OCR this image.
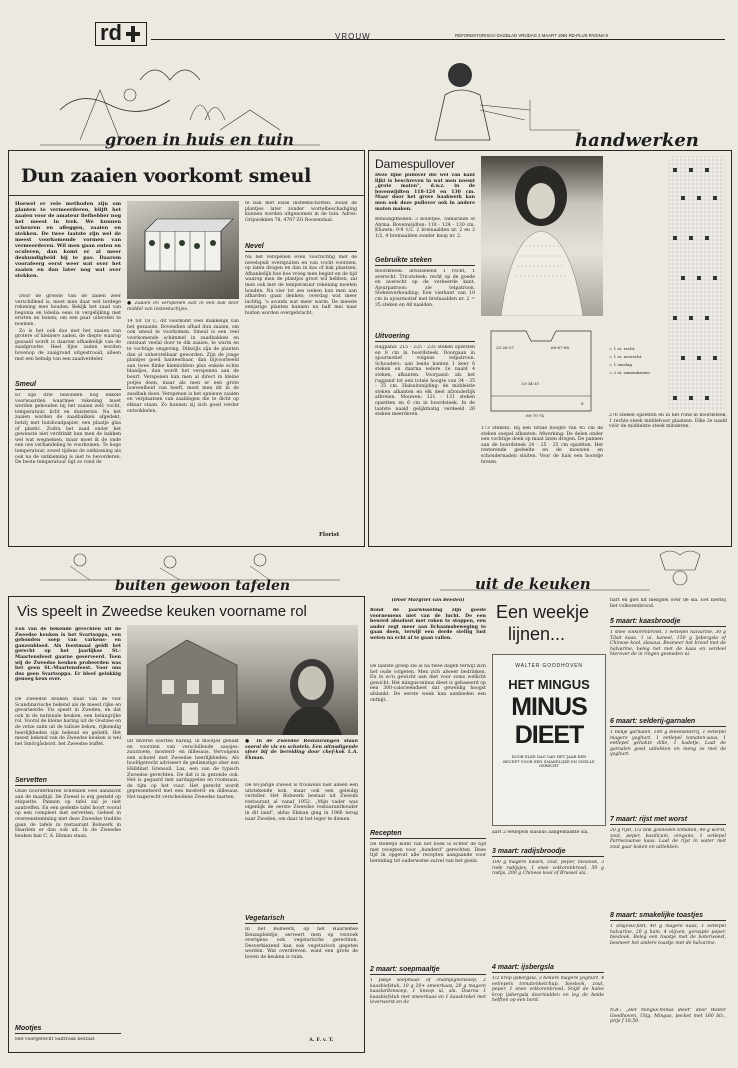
rd	VROUW	REFORMATORISCH DAGBLAD VRIJDAG 2 MAART 1984 RD-PLUS PAGINA 9
groen in huis en tuin	handwerken
Dun zaaien voorkomt smeul
Hoewel er vele methoden zijn om planten te vermeerderen, blijft het zaaien voor de amateur liefhebber nog het meest in trek. We kunnen scheuren en afleggen, zaaien en stekken. De twee laatste zijn wel de meest voorkomende vormen van vermeerderen. Wil men gaan enten en oculeren, dan komt er al meer deskundigheid bij te pas. Daarom voorafeerg eerst weer wat over het zaaien en dan later nog wat over stekken.

Door de groeite van de zaden zeer verschillend is, moet men daar wel terdege rekening mee houden. Bekijk het zaad van begonia en lobelia eens in vergelijking met erwten en bonen; om een paar uitersten te noemen.

Zo is het ook dus met het zaaien van grotere of kleinere zaden, de diepte waarop gezaaid wordt is daarom afhankelijk van de zaadgrootte. Heel fijne zaden worden bovenop de zaaigrond uitgestrooid, alleen met een behulp van een zaadverdeler.

Smeul
Er zijn drie bezonden nog enkele voorwaarden waarmee rekening moet worden gehouden bij het zaaien zelf: vocht, temperatuur, licht en duisternis. Na het zaaien worden de zaadbakken afgedekt, hetzij met huishoudpapier, een plaatje glas of plastic. Zodra het zaad onder het gewenste niet verdrinkt kan men de bakken wel wat wegnemen, maar moet ik de onde een ons verhandeling te voorkomen. Te hoge temperatuur, zowel tijdens de ontkieming als ook na de ontkieming is niet te bevorderen. De beste temperatuur ligt zo rond de
● Zaaien en verspenen kan in een bak door middel van insteekschijes.
14 tot 18 C; dit voorkomt veel makkelijk van het gezaaide. Bovendien afhad dun zaaien, om ook smeul te voorkomen. Smeul is een veel voorkomende schimmel in zaadbakken en ontstaat veelal door te dik zaaien, te warm en te vochtige omgeving. Dikwijls zijn de planten dan al onherstelbaar geworden. Zijn de jonge plantjes goed hanteerbaar, dan bijvoorbeeld aan twee flinke kiemlobben plus enkele echte blaadjes, dan wordt het verspenen aan de beurt. Verspenen kan men al direct in kleine potjes doen, maar als men er een grote hoeveelheid van heeft, moet men dit in de zaadbak doen. Verspenen is het opnieuw zaaien en verplaatsen van zaailingen die te dicht op elkaar staan. Zo kunnen zij zich goed verder ontwikkelen.
te bak met losse insteekschotten, zodat de plantjes later zonder wortelbeschadiging kunnen worden uitgenomen in de tuin. Adres: Gripwekken 78, 4707 ZG Roosendaal.
Nevel
Na het verspenen even voorzichtig met de nevelspuit overspuiten en van vocht voorzien, op laten drogen en dan in kas of bak plaatsen. Afhankelijk hoe hoe vroeg men begint en de tijd waarop men de plantjes groot wil hebben, zal men ook met de temperatuur rekening moeten houden. Na vier tot zes weken kan men aan afharden gaan denken; overdag wat meer luchtig, 's avonds wat meer warm. De meeste eenjarige planten kunnen na half mei naar buiten worden overgebracht.
Florist
Damespullover
Deze lijne pullover die wel van kant lijkt is beschreven in wat men noemt „grote maten", d.w.z. in de bovenwijdten 118-124 en 130 cm. Maar door het grove haakwerk kan men ook deze pullover ook in andere maten maken.
Benodigdheden: 3 bolletjes, Tamarinde of Alyma. Bovenwijdten: 118 - 124 - 130 cm. Khawm: 9-9 1/2. 2 breinaalden nr. 2 en 2 1/2, 4 breinaalden zonder knop nr. 2.
Gebruikte steken
Boordsteek: afwisselend 1 recht, 1 averecht. Tricotsteek: recht op de goede en averecht op de verkeerde kant. Ajourpatroon: zie telpatroon. Stekenverhouding: Een vierkant van 10 cm in ajourmotief met breinaalden nr. 2 = 35 steken en 48 naalden.
Uitvoering
Rugpand: 215 - 225 - 235 steken opzetten en 8 cm in boordsteek. Doorgaan in ajourmotief volgens telpatroon. Schouders: aan beide kanten 1 keer 6 steken en daarna iedere 2e naald 4 steken, afkanten. Voorpand: als het rugpand tot een totale hoogte van 34 - 35 - 35 cm. Halsuitsnijding: de middelste steken afkanten en elk deel afzonderlijk afbreien. Mouwen: 121 - 131 steken opzetten en 6 cm in boordsteek. In de laatste naald gelijkmatig verdeeld 26 steken meerderen.
25-26-27	66-67-68
8
33-34-35
66-70-74
173 steken). Bij een totale hoogte van 45 cm de steken soepel afkanten. Afwerking: De delen onder een vochtige doek op maat laten drogen. De pannen aan de boordsteek 24 - 25 - 25 cm opzetten. Het resterende gedeelte en de mouwen en schoudernaden sluiten. Voor de hals een boordje breien.
= 1 st. recht
= 1 st. averecht
= 1 omslag
= 2 st. samenbreien
276 steken opzetten en in het rond in boordsteek, 1 rechte steek middelvoor plaatsen. Elke 2e naald vóór de middelste steek minderen.
buiten gewoon tafelen	uit de keuken
Vis speelt in Zweedse keuken voorname rol
Een van de bekende gerechten uit de Zweedse keuken is het Svartsoppa, een gebonden soep van varkens- en ganzenbloed. Als feestmaal geldt het gerecht op het jaarlijkse St.-Maartensfeest gaarne geserveerd. Toen wij de Zweedse keuken probeerden was het geen St.-Maartensfeest. Voor ons dus geen Svartsoppa. Er bleef gelukkig genoeg keus over.
De Zweedse keuken staat van de vier Scandinavische bekend als de meest rijke en gevarieerde. Vis speelt in Zweden, en dat ook in de nationale keuken, een belangrijke rol. Vooral de kleine haring uit de Oostzee en de vetze zalm uit de talloze beken, rijkomdig heerlijkheden zijn bekend en geliefd. Het meest bekend van de Zweedse keuken is wel het Smörgåsbord, het Zweedse buffet.
Servetten
Onze noorderburen schenken veel aandacht aan de maaltijd. De Zweed is erg gesteld op etiquette. Pannen op tafel zal je niet aantreffen. En een gedekte tafel hoort vooral op een compleet met servetten. Geheel in overeenstemming met deze Zweedse traditie gaan de tafels in restaurant Bobwerk in Haarlem er dan ook uit. In de Zweedse keuken kan C. A. Ekman staan.
Mootjes
Het voorgerecht Salttråsk bestaat
uit diverse soorten haring, in mootjes gebakt en voorzien van verschillende sausjes: zuurzoete, mosterd- en dillesaus. Vervolgens een schotel met Zweedse heerlijkheden. Als hoofdgerecht adviseert de gedienstige ober een Hälldinst Grensoll. Lax, een van de typisch Zweedse gerechten. De dat is in gezonde ook. Het is gegaard met aardappelen en roomsaus, de tijm op het vuur. Het gerecht wordt gepresenteerd met een mosterd- en dillesaus. Het nagerecht verscheidene Zweedse taarten.
● In de Zweedse Restaurangen staan vooral de vis en schotels. Een uitnodigende sfeer bij de bereiding door chef-kok L.A. Ekman.
De 60-jarige Zweed is trouwens niet alleen een uitstekende kok, maar ook een geleidig verteller. Het Bobwerk bestaat uit Zweeds restaurant al vanaf 1952. „Mijn vader was eigenlijk de eerste Zweedse restauranthouder in dit land", aldus Ekman ging in 1966 terug naar Zweden, om daar in het leger te dienen.
Vegetarisch
In het Bobwerk, op het Haarlemse Kenaupleintje, serveert men op verzoek overigens ook vegetarische gerechten. Desverkiezend kan ook vegetarisch gegeten worden. Wat overdreven, want een grote de boven de keuken is ruim.
A. F. v. T.
(Door Margriet van Beeden)
Rond de jaarwisseling zijn goede voornemens niet van de lucht. De een bewerd absoluut met roken te stoppen, een ander zegt meer aan lichaamsbeweging te gaan doen, terwijl een derde stellig lust weten na echt af te gaan vallen.
De laatste groep zie al na twee dagen terwijl zich het oude volgeten. Men zich alweer bedrinken. En in zo'n gewicht aan diet voor soms wellicht gewicht. Het mingus-minus dieet is gebaseerd op een 300-calorieëndieet dat geweldig hoogst afslankt. De eerste week kan aanbieden een ontbijt.
Recepten
De stelletje komt van het boek is echter de tijd met recepten voor „honderd" gerechten. Deze tijd ik opgevat alle recepten aangaande voor bereiding tot ouderwetse zuivel van het gezin.
2 maart: soepmaaltje
1 pakje soepmaal- of champignonsoep, 2 kaasbiefstuk, 10 g 20+ smeerkaas, 20 g magere kaaslardensoep, 1 knoop ui, sla. Daarna 1 kaasbiefstuk met smeerkaas en 1 kaaskrokel met leverworst en de
Een weekje
lijnen...
WALTER GOODHOVEN
HET MINGUS
MINUS
DIEET
DOOR ELKE DAG VAN HET JAAR EEN RECEPT VOOR EEN SMAKELIJKE EN SNELLE GERECHT
aart 2 eetlepels slasaus aangemaakte sla.
3 maart: radijsbroodje
100 g magere kwark, zout, peper, bieslook, 3 rode radijsjes, 1 snee volkorenbrood, 50 g radijs, 200 g Chinese kool of Brussel sla.
4 maart: ijsbergsla
1/2 krop ijsbergsla, 3 bekers magere yoghurt, 4 eetlepels tomatenketchup, bieslook, zout, peper, 1 snee volkorenbrood. Snijd de halve krop ijsbergsla doormidden en leg de beide helften op een bord.
hart en giet dit mengsel over de sla. Eet hierbij het volkorenbrood.
5 maart: kaasbroodje
1 snee volkorenbrood, 1 eetlepel halvarine, 30 g Tilsit kaas, 1 ui, kaneel, 150 g ijsbergsla of Chinese kool, slasaus. Besmeer het brood met de halvarine, beleg het met de kaas en verdeel hierover de in ringen gesneden ui.
6 maart: selderij-garnalen
1 blikje garnalen, 100 g bleekselderij, 1 eetlepel magere yoghurt, 1 eetlepel tomaten-saus, 1 eetlepel gehakte dille, 1 kadetje. Laat de garnalen goed uitlekken en meng ze met de yoghurt.
7 maart: rijst met worst
20 g rijst, 1/2 blik gesneden tomaten, 40 g worst, zout, peper, basilicum, oregano, 1 eetlepel Parmezaanse kaas. Laat de rijst in water met zout gaar koken en uitlekken.
8 maart: smakelijke toastjes
1 ansjovis-filet, 40 g magere kaas, 1 eetlepel halvarine, 20 g ham, 4 olijven, geraspte peper, bieslook. Beleg een toastje met de boterwoest, besmeer het andere toastje met de halvarine.
N.B.: „Het mingus-minus dieet" door Walter Goodhoven, Uitg. Mingus, pocket met 160 blz., prijs f 18,50.
